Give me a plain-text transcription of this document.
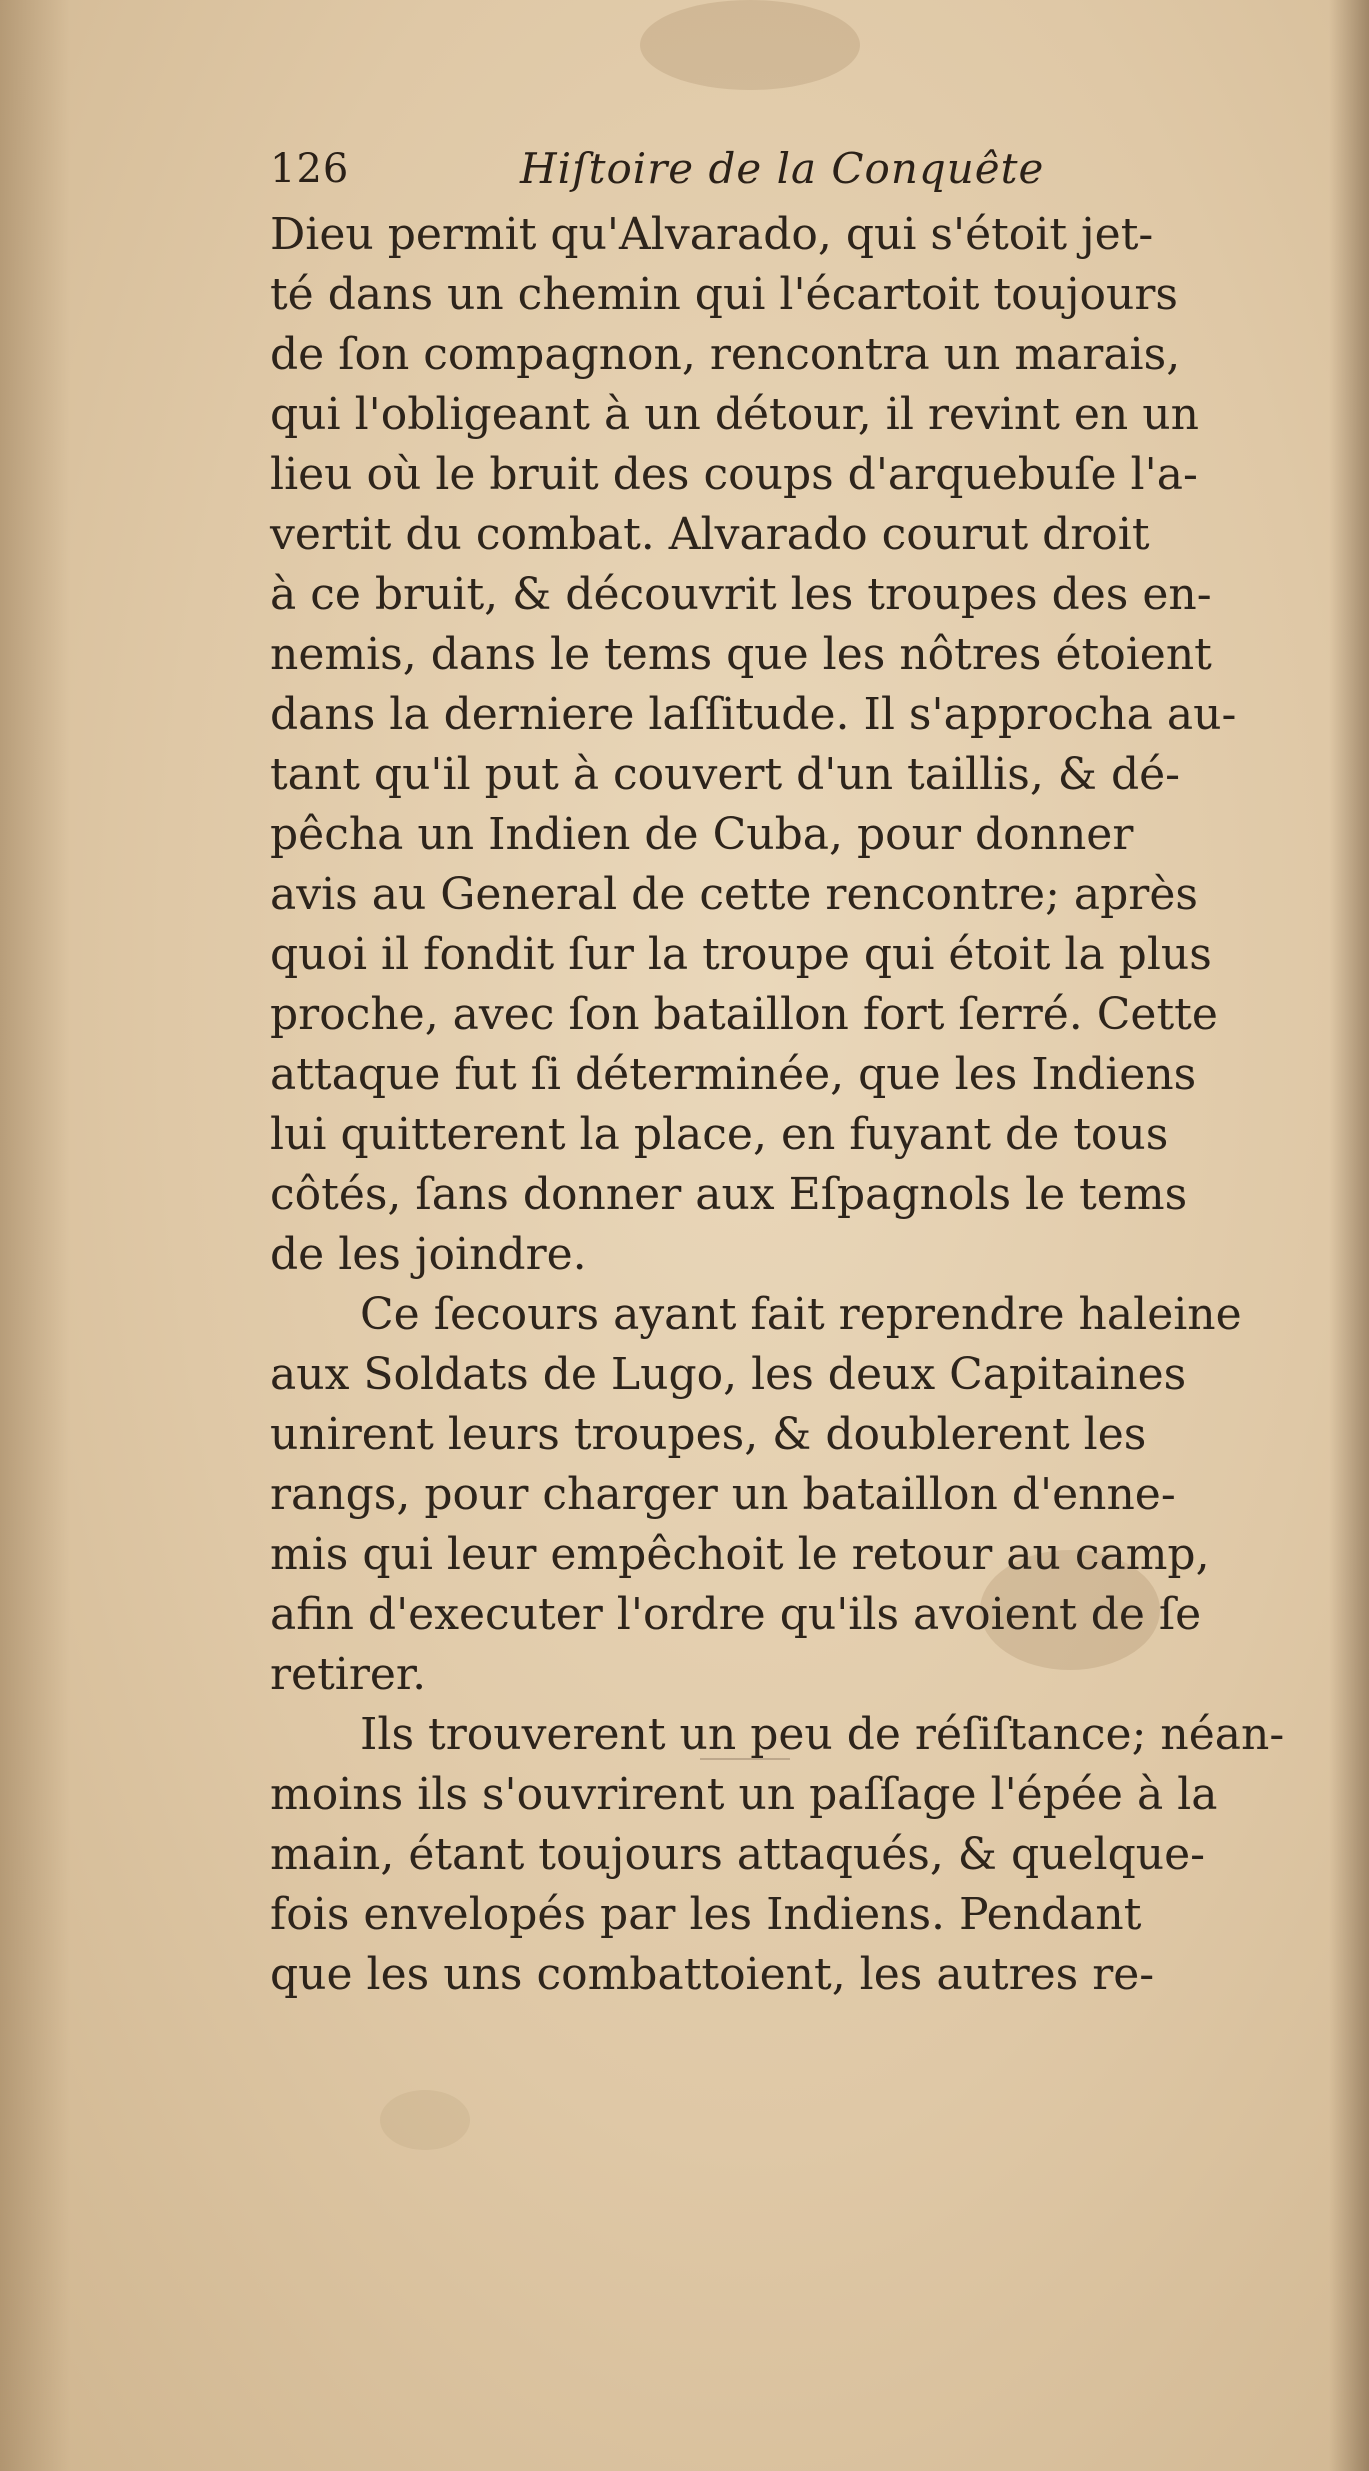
126	Hiſtoire de la Conquête
Dieu permit qu'Alvarado, qui s'étoit jet-
té dans un chemin qui l'écartoit toujours
de ſon compagnon, rencontra un marais,
qui l'obligeant à un détour, il revint en un
lieu où le bruit des coups d'arquebuſe l'a-
vertit du combat. Alvarado courut droit
à ce bruit, & découvrit les troupes des en-
nemis, dans le tems que les nôtres étoient
dans la derniere laſſitude. Il s'approcha au-
tant qu'il put à couvert d'un taillis, & dé-
pêcha un Indien de Cuba, pour donner
avis au General de cette rencontre; après
quoi il fondit ſur la troupe qui étoit la plus
proche, avec ſon bataillon fort ſerré. Cette
attaque fut ſi déterminée, que les Indiens
lui quitterent la place, en fuyant de tous
côtés, ſans donner aux Eſpagnols le tems
de les joindre.
Ce ſecours ayant fait reprendre haleine
aux Soldats de Lugo, les deux Capitaines
unirent leurs troupes, & doublerent les
rangs, pour charger un bataillon d'enne-
mis qui leur empêchoit le retour au camp,
afin d'executer l'ordre qu'ils avoient de ſe
retirer.
Ils trouverent un peu de réſiſtance; néan-
moins ils s'ouvrirent un paſſage l'épée à la
main, étant toujours attaqués, & quelque-
fois envelopés par les Indiens. Pendant
que les uns combattoient, les autres re-
